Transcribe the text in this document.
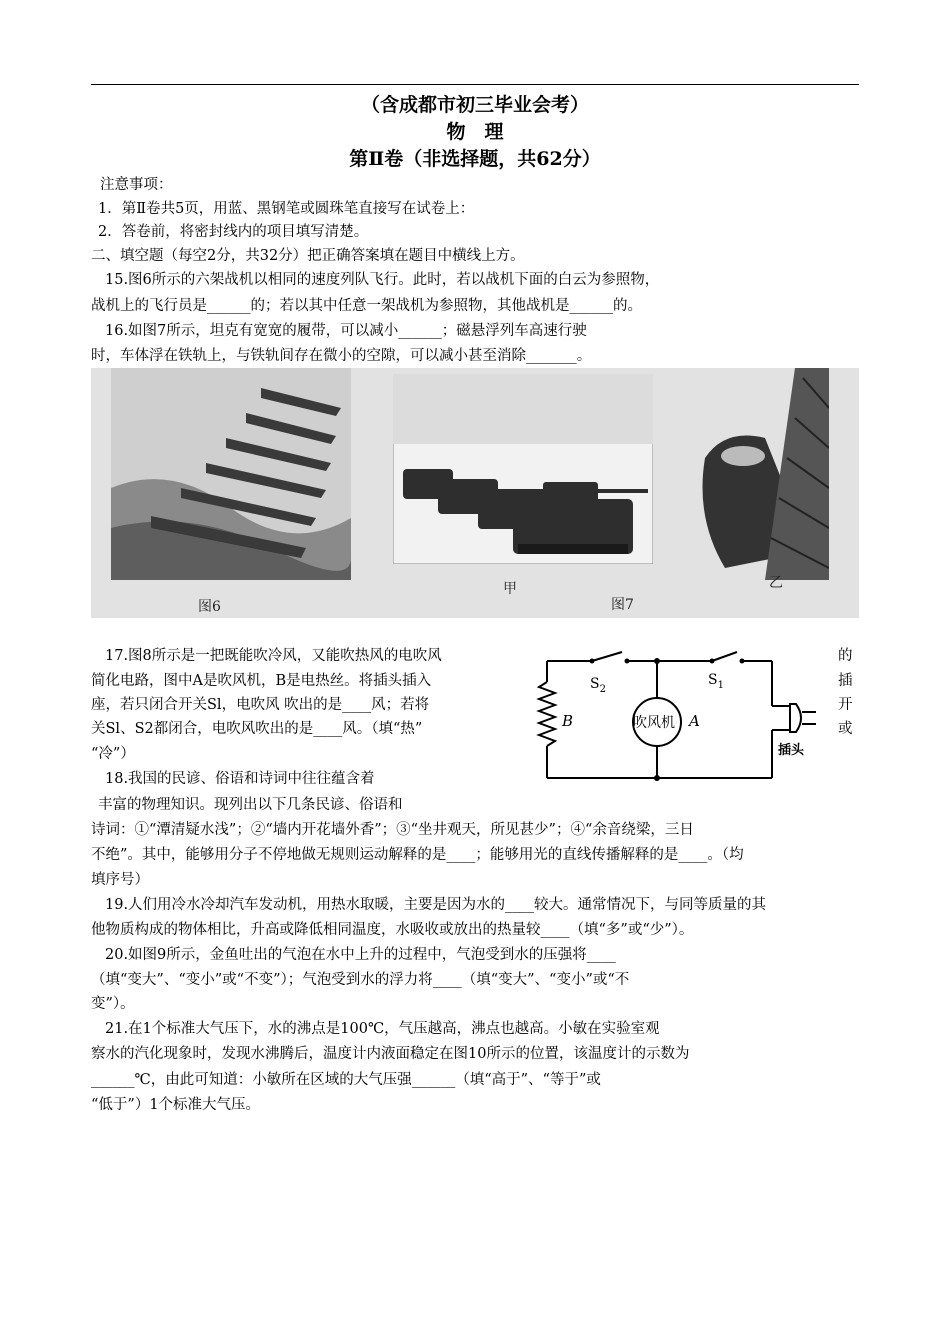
（含成都市初三毕业会考）
物　理
第Ⅱ卷（非选择题，共62分）
注意事项：
1．第Ⅱ卷共5页，用蓝、黑钢笔或圆珠笔直接写在试卷上：
2．答卷前，将密封线内的项目填写清楚。
二、填空题（每空2分，共32分）把正确答案填在题目中横线上方。
15.图6所示的六架战机以相同的速度列队飞行。此时，若以战机下面的白云为参照物，
战机上的飞行员是______的；若以其中任意一架战机为参照物，其他战机是______的。
16.如图7所示，坦克有宽宽的履带，可以减小______；磁悬浮列车高速行驶
时，车体浮在铁轨上，与铁轨间存在微小的空隙，可以减小甚至消除_______。
图6
甲
图7
乙
17.图8所示是一把既能吹冷风，又能吹热风的电吹风	的
简化电路，图中A是吹风机，B是电热丝。将插头插入	插
座，若只闭合开关Sl，电吹风 吹出的是____风；若将	开
关Sl、S2都闭合，电吹风吹出的是____风。（填“热”	或
“冷”）
$S_2$
$S_1$
吹风机 A
B
插头
18.我国的民谚、俗语和诗词中往往蕴含着
丰富的物理知识。现列出以下几条民谚、俗语和
诗词：①“潭清疑水浅”；②“墙内开花墙外香”；③“坐井观天，所见甚少”；④“余音绕梁，三日
不绝”。其中，能够用分子不停地做无规则运动解释的是____；能够用光的直线传播解释的是____。（均
填序号）
19.人们用冷水冷却汽车发动机，用热水取暖，主要是因为水的____较大。通常情况下，与同等质量的其
他物质构成的物体相比，升高或降低相同温度，水吸收或放出的热量较____（填“多”或“少”）。
20.如图9所示，金鱼吐出的气泡在水中上升的过程中，气泡受到水的压强将____
（填“变大”、“变小”或“不变”）；气泡受到水的浮力将____（填“变大”、“变小”或“不
变”）。
21.在1个标准大气压下，水的沸点是100℃，气压越高，沸点也越高。小敏在实验室观
察水的汽化现象时，发现水沸腾后，温度计内液面稳定在图10所示的位置，该温度计的示数为
______℃，由此可知道：小敏所在区域的大气压强______（填“高于”、“等于”或
“低于”）1个标准大气压。
